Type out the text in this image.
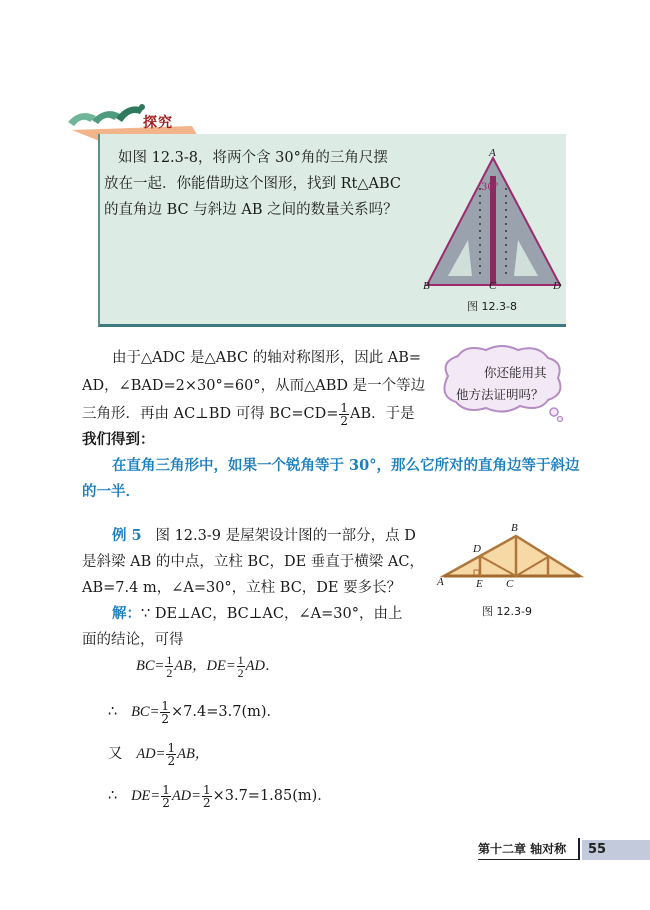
探究
如图 12.3-8，将两个含 30°角的三角尺摆
放在一起．你能借助这个图形，找到 Rt△ABC
的直角边 BC 与斜边 AB 之间的数量关系吗？
A
30°
B	C	D
图 12.3-8
由于△ADC 是△ABC 的轴对称图形，因此 AB=
AD，∠BAD=2×30°=60°，从而△ABD 是一个等边
三角形．再由 AC⊥BD 可得 $BC=CD= \frac{1}{2}$ AB．于是
我们得到：
你还能用其
他方法证明吗？
在直角三角形中，如果一个锐角等于 30°，那么它所对的直角边等于斜边
的一半．
例 5 图 12.3-9 是屋架设计图的一部分，点 D
是斜梁 AB 的中点，立柱 BC，DE 垂直于横梁 AC，
AB=7.4 m，∠A=30°，立柱 BC，DE 要多长？
解：∵ DE⊥AC，BC⊥AC，∠A=30°，由上
面的结论，可得
B
D
A	E C
图 12.3-9
$BC= \frac{1}{2}$ AB，$DE= \frac{1}{2}$ AD．
∴ $BC= \frac{1}{2} \times 7.4=3.7(m)$．
又 $AD= \frac{1}{2}$ AB，
∴ $DE= \frac{1}{2} AD= \frac{1}{2} \times 3.7=1.85(m)$．
第十二章 轴对称	55
